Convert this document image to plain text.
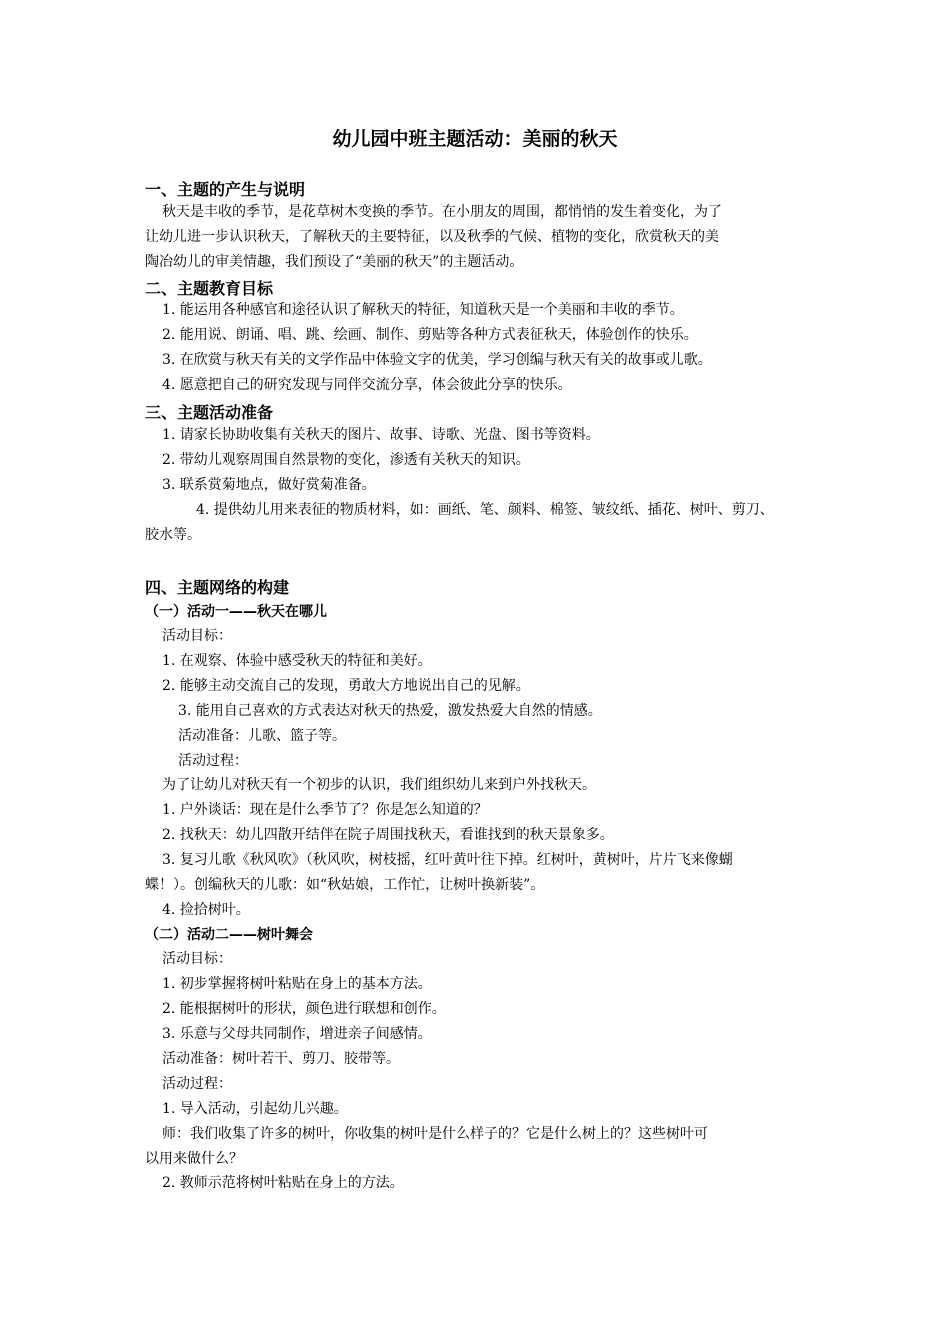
幼儿园中班主题活动：美丽的秋天
一、主题的产生与说明
秋天是丰收的季节，是花草树木变换的季节。在小朋友的周围，都悄悄的发生着变化，为了
让幼儿进一步认识秋天，了解秋天的主要特征，以及秋季的气候、植物的变化，欣赏秋天的美
陶冶幼儿的审美情趣，我们预设了“美丽的秋天”的主题活动。
二、主题教育目标
1. 能运用各种感官和途径认识了解秋天的特征，知道秋天是一个美丽和丰收的季节。
2. 能用说、朗诵、唱、跳、绘画、制作、剪贴等各种方式表征秋天，体验创作的快乐。
3. 在欣赏与秋天有关的文学作品中体验文字的优美，学习创编与秋天有关的故事或儿歌。
4. 愿意把自己的研究发现与同伴交流分享，体会彼此分享的快乐。
三、主题活动准备
1. 请家长协助收集有关秋天的图片、故事、诗歌、光盘、图书等资料。
2. 带幼儿观察周围自然景物的变化，渗透有关秋天的知识。
3. 联系赏菊地点，做好赏菊准备。
4. 提供幼儿用来表征的物质材料，如：画纸、笔、颜料、棉签、皱纹纸、插花、树叶、剪刀、
胶水等。
四、主题网络的构建
（一）活动一——秋天在哪儿
活动目标：
1. 在观察、体验中感受秋天的特征和美好。
2. 能够主动交流自己的发现，勇敢大方地说出自己的见解。
3. 能用自己喜欢的方式表达对秋天的热爱，激发热爱大自然的情感。
活动准备：儿歌、篮子等。
活动过程：
为了让幼儿对秋天有一个初步的认识，我们组织幼儿来到户外找秋天。
1. 户外谈话：现在是什么季节了？你是怎么知道的？
2. 找秋天：幼儿四散开结伴在院子周围找秋天，看谁找到的秋天景象多。
3. 复习儿歌《秋风吹》（秋风吹，树枝摇，红叶黄叶往下掉。红树叶，黄树叶，片片飞来像蝴
蝶！）。创编秋天的儿歌：如“秋姑娘，工作忙，让树叶换新装”。
4. 捡拾树叶。
（二）活动二——树叶舞会
活动目标：
1. 初步掌握将树叶粘贴在身上的基本方法。
2. 能根据树叶的形状，颜色进行联想和创作。
3. 乐意与父母共同制作，增进亲子间感情。
活动准备：树叶若干、剪刀、胶带等。
活动过程：
1. 导入活动，引起幼儿兴趣。
师：我们收集了许多的树叶，你收集的树叶是什么样子的？它是什么树上的？这些树叶可
以用来做什么？
2. 教师示范将树叶粘贴在身上的方法。
